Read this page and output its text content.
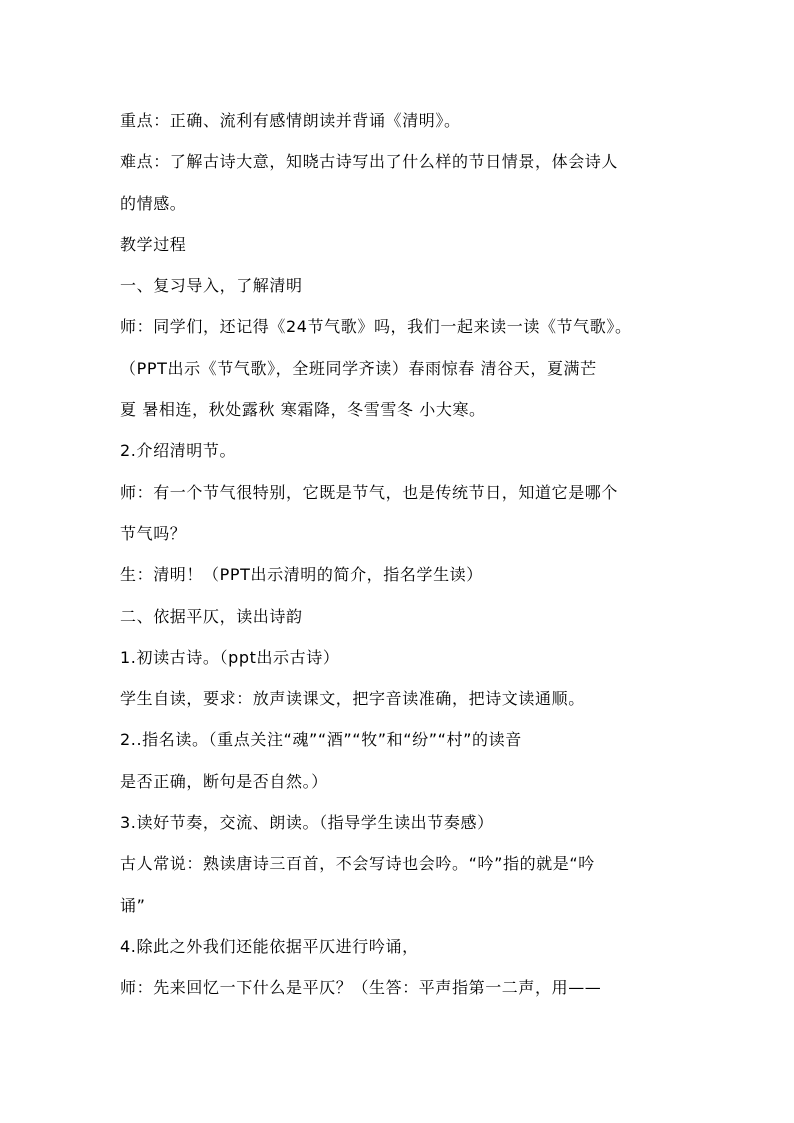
重点：正确、流利有感情朗读并背诵《清明》。
难点：了解古诗大意，知晓古诗写出了什么样的节日情景，体会诗人
的情感。
教学过程
一、复习导入，了解清明
师：同学们，还记得《24节气歌》吗，我们一起来读一读《节气歌》。
（PPT出示《节气歌》，全班同学齐读）春雨惊春 清谷天，夏满芒
夏 暑相连，秋处露秋 寒霜降，冬雪雪冬 小大寒。
2.介绍清明节。
师：有一个节气很特别，它既是节气，也是传统节日，知道它是哪个
节气吗？
生：清明！（PPT出示清明的简介，指名学生读）
二、依据平仄，读出诗韵
1.初读古诗。（ppt出示古诗）
学生自读，要求：放声读课文，把字音读准确，把诗文读通顺。
2..指名读。（重点关注“魂”“酒”“牧”和“纷”“村”的读音
是否正确，断句是否自然。）
3.读好节奏，交流、朗读。（指导学生读出节奏感）
古人常说：熟读唐诗三百首，不会写诗也会吟。“吟”指的就是“吟
诵”
4.除此之外我们还能依据平仄进行吟诵，
师：先来回忆一下什么是平仄？（生答：平声指第一二声，用——
